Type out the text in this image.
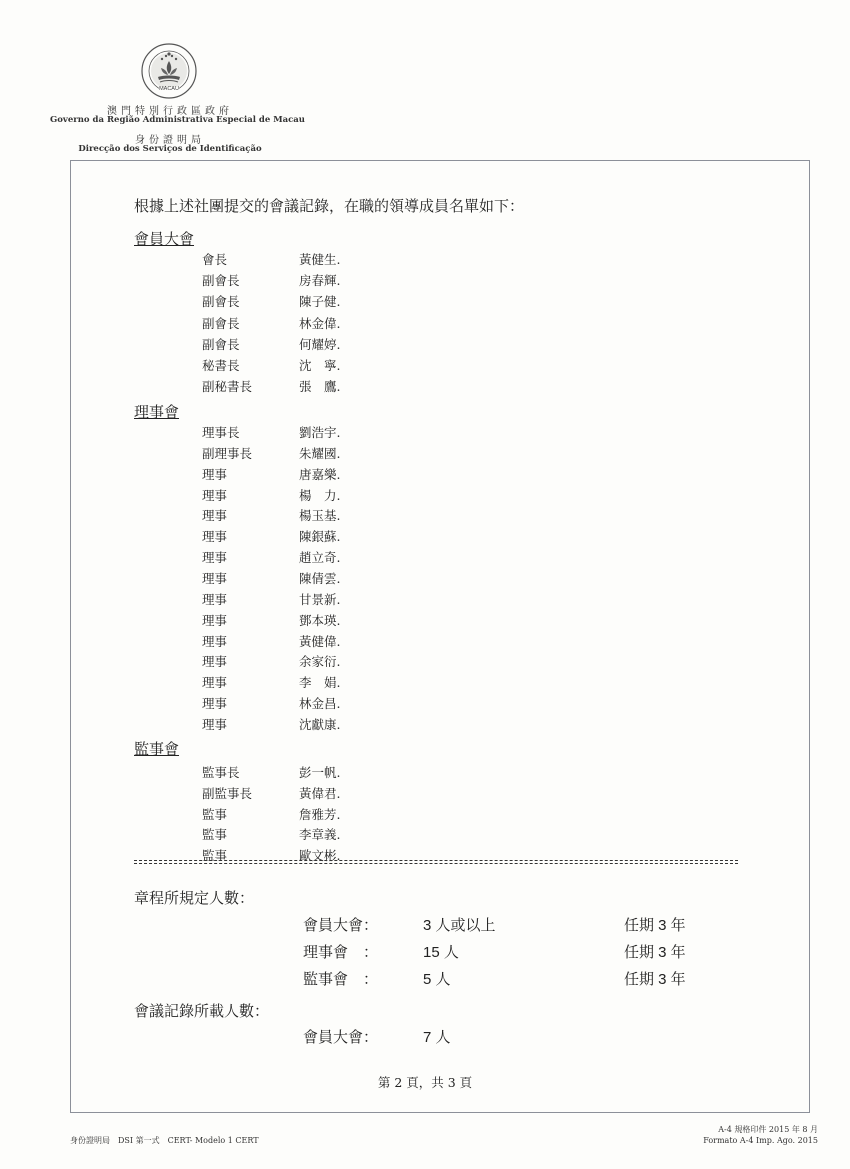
MACAU
澳門特別行政區政府
Governo da Região Administrativa Especial de Macau
身份證明局
Direcção dos Serviços de Identificação
根據上述社團提交的會議記錄，在職的領導成員名單如下：
會員大會
會長	黃健生.
副會長	房春輝.
副會長	陳子健.
副會長	林金偉.
副會長	何耀婷.
秘書長	沈　寧.
副秘書長	張　鷹.
理事會
理事長	劉浩宇.
副理事長	朱耀國.
理事	唐嘉樂.
理事	楊　力.
理事	楊玉基.
理事	陳銀蘇.
理事	趙立奇.
理事	陳倩雲.
理事	甘景新.
理事	鄧本瑛.
理事	黃健偉.
理事	余家衍.
理事	李　娟.
理事	林金昌.
理事	沈獻康.
監事會
監事長	彭一帆.
副監事長	黃偉君.
監事	詹雅芳.
監事	李章義.
監事	歐文彬.
章程所規定人數：
會員大會：	3 人或以上	任期 3 年
理事會　：	15 人	任期 3 年
監事會　：	5 人	任期 3 年
會議記錄所載人數：
會員大會：	7 人
第 2 頁，共 3 頁
身份證明局　DSI 第一式　CERT- Modelo 1 CERT
A-4 規格印件 2015 年 8 月
Formato A-4 Imp. Ago. 2015
